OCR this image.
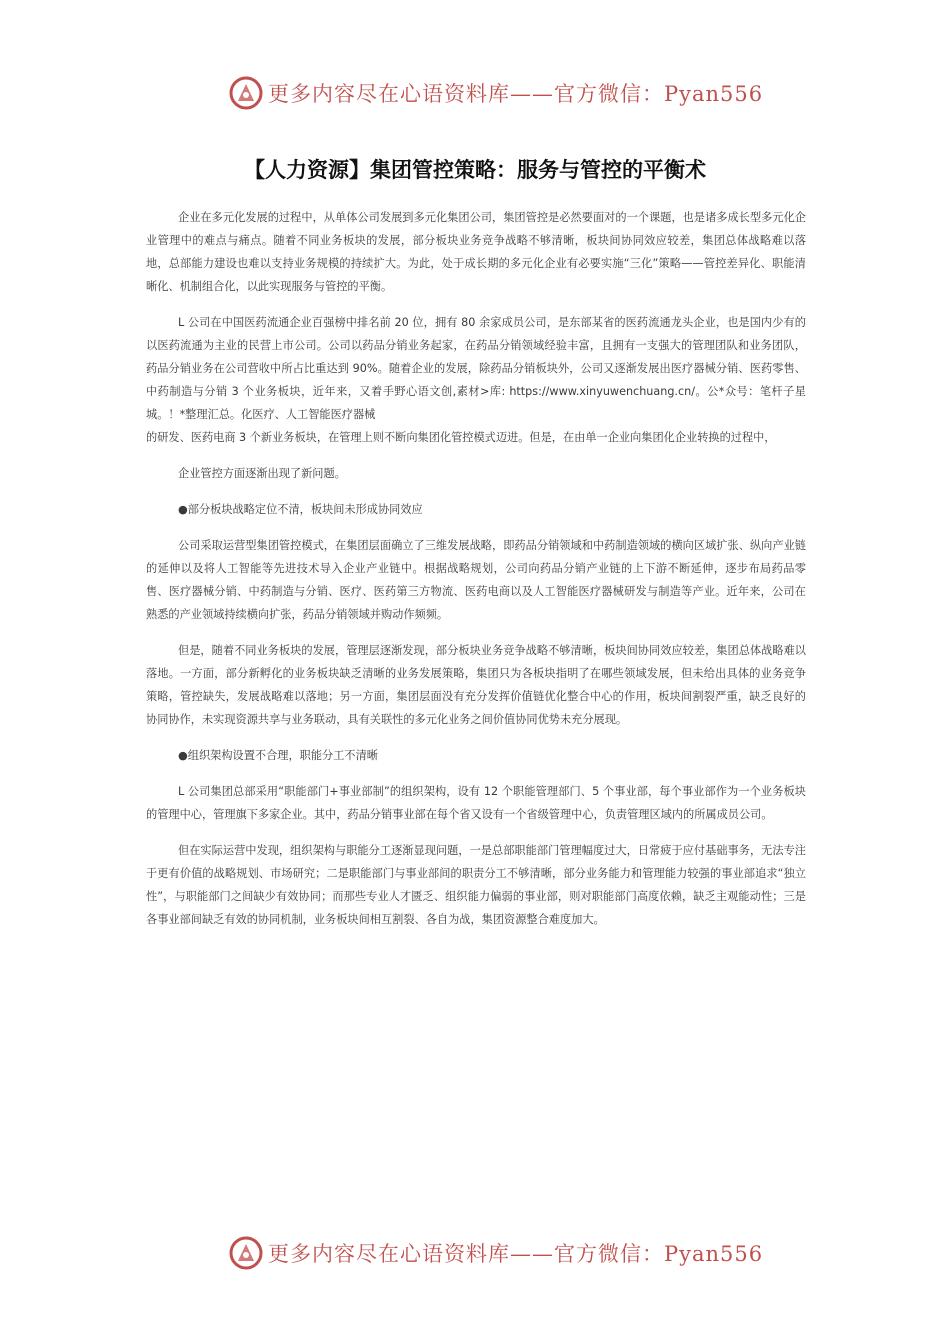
更多内容尽在心语资料库——官方微信：Pyan556
【人力资源】集团管控策略：服务与管控的平衡术

企业在多元化发展的过程中，从单体公司发展到多元化集团公司，集团管控是必然要面对的一个课题，也是诸多成长型多元化企业管理中的难点与痛点。随着不同业务板块的发展，部分板块业务竞争战略不够清晰，板块间协同效应较差，集团总体战略难以落地，总部能力建设也难以支持业务规模的持续扩大。为此，处于成长期的多元化企业有必要实施“三化”策略——管控差异化、职能清晰化、机制组合化，以此实现服务与管控的平衡。

L 公司在中国医药流通企业百强榜中排名前 20 位，拥有 80 余家成员公司，是东部某省的医药流通龙头企业，也是国内少有的以医药流通为主业的民营上市公司。公司以药品分销业务起家，在药品分销领域经验丰富，且拥有一支强大的管理团队和业务团队，药品分销业务在公司营收中所占比重达到 90%。随着企业的发展，除药品分销板块外，公司又逐渐发展出医疗器械分销、医药零售、中药制造与分销 3 个业务板块，近年来，又着手野心语文创,素材>库: https://www.xinyuwenchuang.cn/。公*众号：笔杆子星城。！*整理汇总。化医疗、人工智能医疗器械

的研发、医药电商 3 个新业务板块，在管理上则不断向集团化管控模式迈进。但是，在由单一企业向集团化企业转换的过程中，

企业管控方面逐渐出现了新问题。

●部分板块战略定位不清，板块间未形成协同效应

公司采取运营型集团管控模式，在集团层面确立了三维发展战略，即药品分销领域和中药制造领域的横向区域扩张、纵向产业链的延伸以及将人工智能等先进技术导入企业产业链中。根据战略规划，公司向药品分销产业链的上下游不断延伸，逐步布局药品零售、医疗器械分销、中药制造与分销、医疗、医药第三方物流、医药电商以及人工智能医疗器械研发与制造等产业。近年来，公司在熟悉的产业领域持续横向扩张，药品分销领域并购动作频频。

但是，随着不同业务板块的发展，管理层逐渐发现，部分板块业务竞争战略不够清晰，板块间协同效应较差，集团总体战略难以落地。一方面，部分新孵化的业务板块缺乏清晰的业务发展策略，集团只为各板块指明了在哪些领域发展，但未给出具体的业务竞争策略，管控缺失，发展战略难以落地；另一方面，集团层面没有充分发挥价值链优化整合中心的作用，板块间割裂严重，缺乏良好的协同协作，未实现资源共享与业务联动，具有关联性的多元化业务之间价值协同优势未充分展现。

●组织架构设置不合理，职能分工不清晰

L 公司集团总部采用“职能部门+事业部制”的组织架构，设有 12 个职能管理部门、5 个事业部，每个事业部作为一个业务板块的管理中心，管理旗下多家企业。其中，药品分销事业部在每个省又设有一个省级管理中心，负责管理区域内的所属成员公司。

但在实际运营中发现，组织架构与职能分工逐渐显现问题，一是总部职能部门管理幅度过大，日常疲于应付基础事务，无法专注于更有价值的战略规划、市场研究；二是职能部门与事业部间的职责分工不够清晰，部分业务能力和管理能力较强的事业部追求“独立性”，与职能部门之间缺少有效协同；而那些专业人才匮乏、组织能力偏弱的事业部，则对职能部门高度依赖，缺乏主观能动性；三是各事业部间缺乏有效的协同机制，业务板块间相互割裂、各自为战，集团资源整合难度加大。

更多内容尽在心语资料库——官方微信：Pyan556
